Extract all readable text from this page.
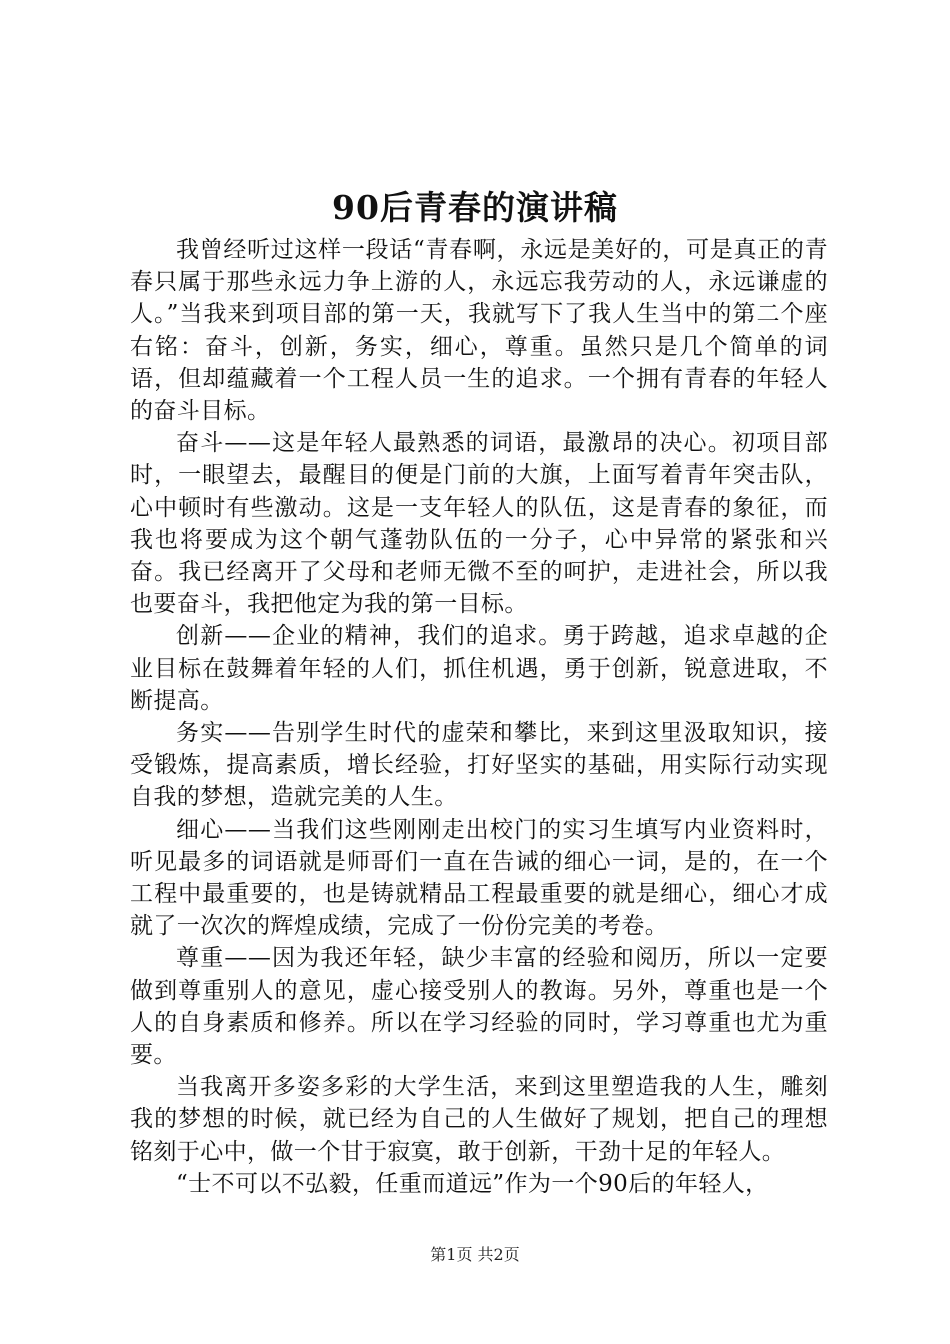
90后青春的演讲稿

我曾经听过这样一段话“青春啊，永远是美好的，可是真正的青春只属于那些永远力争上游的人，永远忘我劳动的人，永远谦虚的人。”当我来到项目部的第一天，我就写下了我人生当中的第二个座右铭：奋斗，创新，务实，细心，尊重。虽然只是几个简单的词语，但却蕴藏着一个工程人员一生的追求。一个拥有青春的年轻人的奋斗目标。

奋斗——这是年轻人最熟悉的词语，最激昂的决心。初项目部时，一眼望去，最醒目的便是门前的大旗，上面写着青年突击队，心中顿时有些激动。这是一支年轻人的队伍，这是青春的象征，而我也将要成为这个朝气蓬勃队伍的一分子，心中异常的紧张和兴奋。我已经离开了父母和老师无微不至的呵护，走进社会，所以我也要奋斗，我把他定为我的第一目标。

创新——企业的精神，我们的追求。勇于跨越，追求卓越的企业目标在鼓舞着年轻的人们，抓住机遇，勇于创新，锐意进取，不断提高。

务实——告别学生时代的虚荣和攀比，来到这里汲取知识，接受锻炼，提高素质，增长经验，打好坚实的基础，用实际行动实现自我的梦想，造就完美的人生。

细心——当我们这些刚刚走出校门的实习生填写内业资料时，听见最多的词语就是师哥们一直在告诫的细心一词，是的，在一个工程中最重要的，也是铸就精品工程最重要的就是细心，细心才成就了一次次的辉煌成绩，完成了一份份完美的考卷。

尊重——因为我还年轻，缺少丰富的经验和阅历，所以一定要做到尊重别人的意见，虚心接受别人的教诲。另外，尊重也是一个人的自身素质和修养。所以在学习经验的同时，学习尊重也尤为重要。

当我离开多姿多彩的大学生活，来到这里塑造我的人生，雕刻我的梦想的时候，就已经为自己的人生做好了规划，把自己的理想铭刻于心中，做一个甘于寂寞，敢于创新，干劲十足的年轻人。

“士不可以不弘毅，任重而道远”作为一个90后的年轻人，

第1页 共2页
